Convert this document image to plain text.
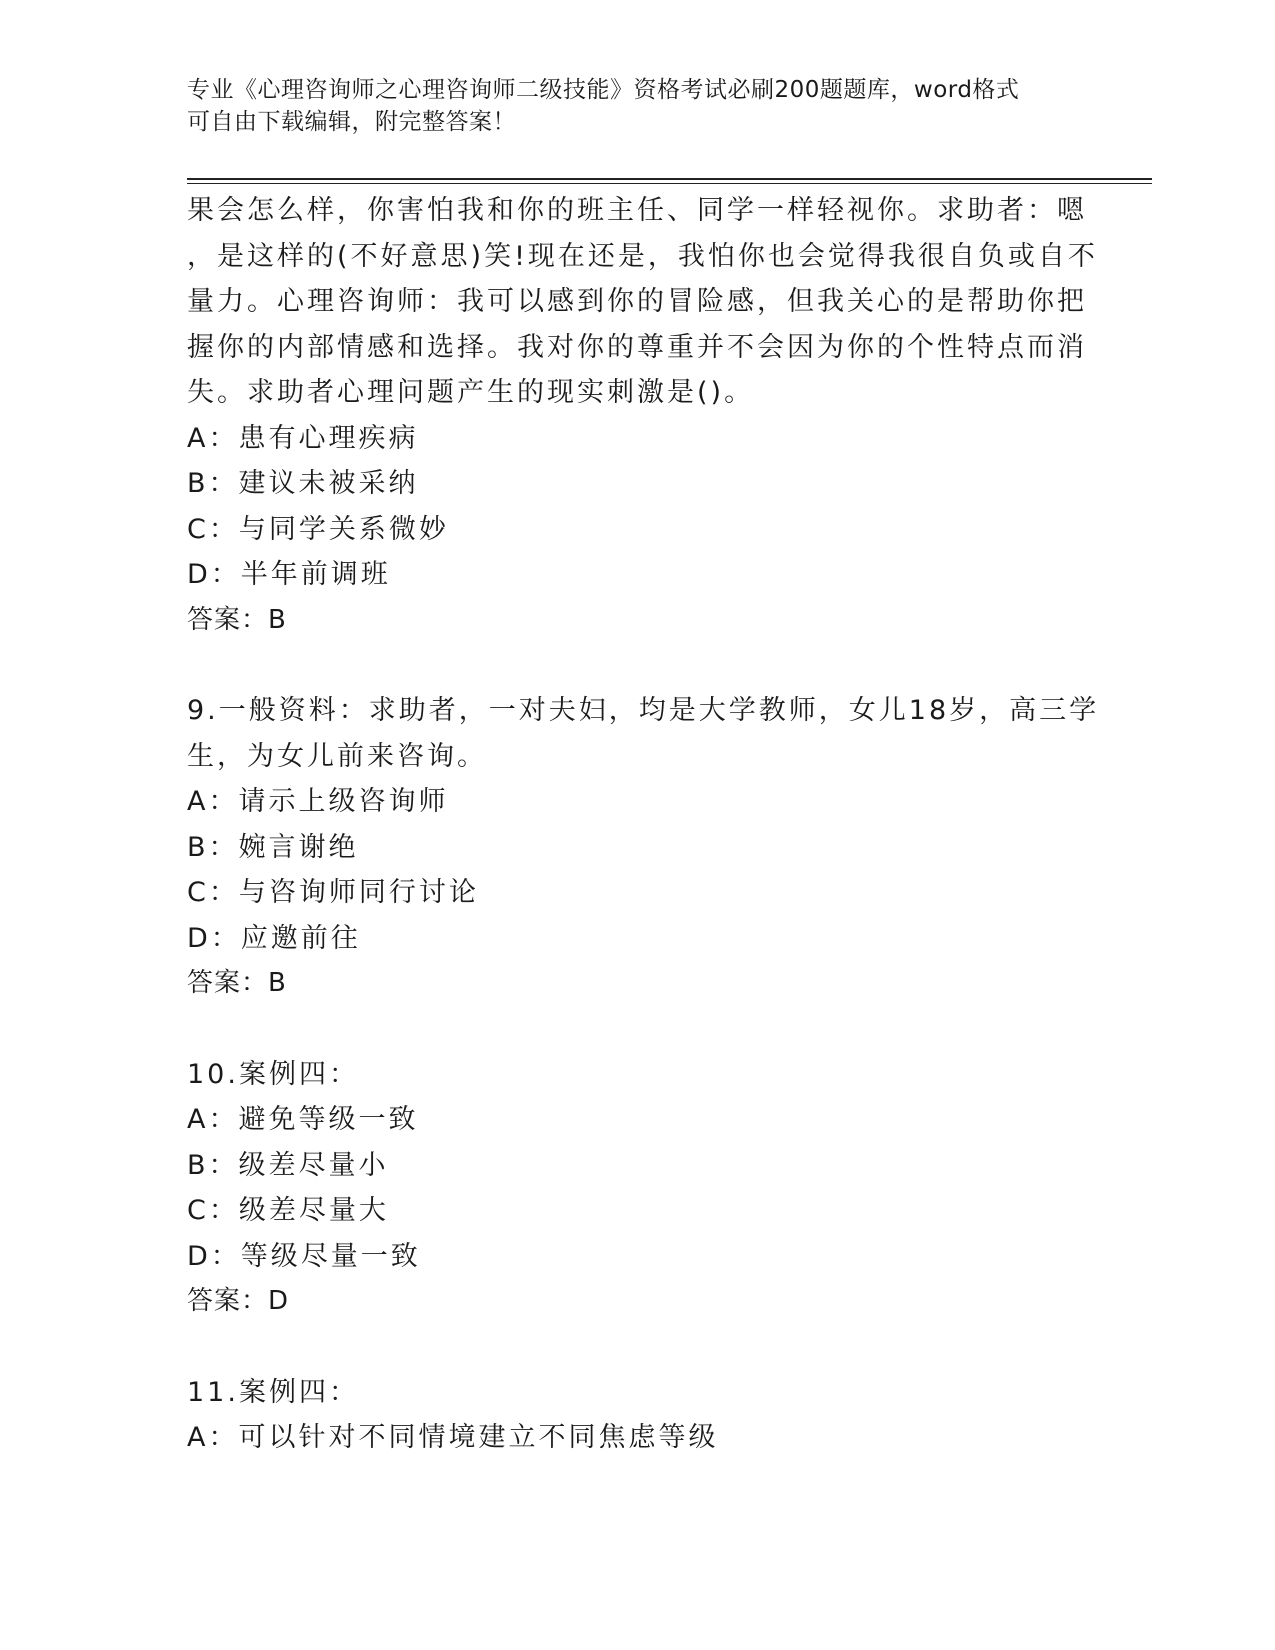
专业《心理咨询师之心理咨询师二级技能》资格考试必刷200题题库，word格式
可自由下载编辑，附完整答案！
果会怎么样，你害怕我和你的班主任、同学一样轻视你。求助者：嗯
，是这样的(不好意思)笑!现在还是，我怕你也会觉得我很自负或自不
量力。心理咨询师：我可以感到你的冒险感，但我关心的是帮助你把
握你的内部情感和选择。我对你的尊重并不会因为你的个性特点而消
失。求助者心理问题产生的现实刺激是()。
A：患有心理疾病
B：建议未被采纳
C：与同学关系微妙
D：半年前调班
答案：B
9.一般资料：求助者，一对夫妇，均是大学教师，女儿18岁，高三学
生，为女儿前来咨询。
A：请示上级咨询师
B：婉言谢绝
C：与咨询师同行讨论
D：应邀前往
答案：B
10.案例四：
A：避免等级一致
B：级差尽量小
C：级差尽量大
D：等级尽量一致
答案：D
11.案例四：
A：可以针对不同情境建立不同焦虑等级
